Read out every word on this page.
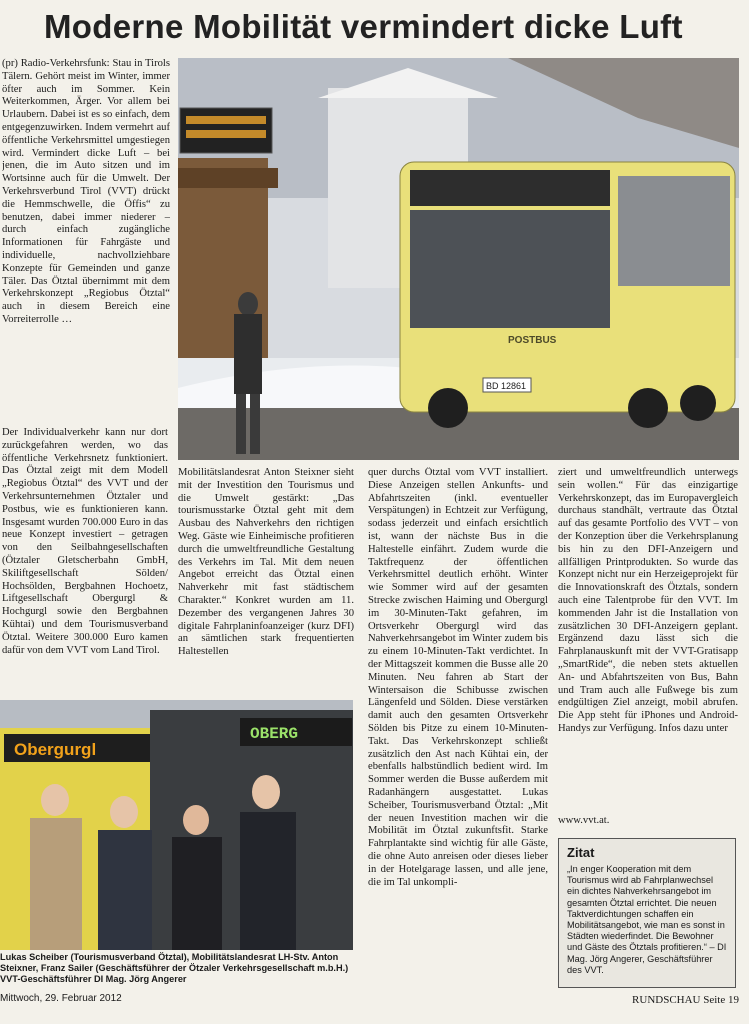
Moderne Mobilität vermindert dicke Luft

(pr) Radio-Verkehrsfunk: Stau in Tirols Tälern. Gehört meist im Winter, immer öfter auch im Sommer. Kein Weiterkommen, Ärger. Vor allem bei Urlaubern. Dabei ist es so einfach, dem entgegenzuwirken. Indem vermehrt auf öffentliche Verkehrsmittel umgestiegen wird. Vermindert dicke Luft – bei jenen, die im Auto sitzen und im Wortsinne auch für die Umwelt. Der Verkehrsverbund Tirol (VVT) drückt die Hemmschwelle, die Öffis“ zu benutzen, dabei immer niederer – durch einfach zugängliche Informationen für Fahrgäste und individuelle, nachvollziehbare Konzepte für Gemeinden und ganze Täler. Das Ötztal übernimmt mit dem Verkehrskonzept „Regiobus Ötztal“ auch in diesem Bereich eine Vorreiterrolle …

POSTBUS
BD 12861

Der Individualverkehr kann nur dort zurückgefahren werden, wo das öffentliche Verkehrsnetz funktioniert. Das Ötztal zeigt mit dem Modell „Regiobus Ötztal“ des VVT und der Verkehrsunternehmen Ötztaler und Postbus, wie es funktionieren kann. Insgesamt wurden 700.000 Euro in das neue Konzept investiert – getragen von den Seilbahngesellschaften (Ötztaler Gletscherbahn GmbH, Skiliftgesellschaft Sölden/ Hochsölden, Bergbahnen Hochoetz, Liftgesellschaft Obergurgl & Hochgurgl sowie den Bergbahnen Kühtai) und dem Tourismusverband Ötztal. Weitere 300.000 Euro kamen dafür von dem VVT vom Land Tirol.

Mobilitätslandesrat Anton Steixner sieht mit der Investition den Tourismus und die Umwelt gestärkt: „Das tourismusstarke Ötztal geht mit dem Ausbau des Nahverkehrs den richtigen Weg. Gäste wie Einheimische profitieren durch die umweltfreundliche Gestaltung des Verkehrs im Tal. Mit dem neuen Angebot erreicht das Ötztal einen Nahverkehr mit fast städtischem Charakter.“ Konkret wurden am 11. Dezember des vergangenen Jahres 30 digitale Fahrplaninfoanzeiger (kurz DFI) an sämtlichen stark frequentierten Haltestellen

quer durchs Ötztal vom VVT installiert. Diese Anzeigen stellen Ankunfts- und Abfahrtszeiten (inkl. eventueller Verspätungen) in Echtzeit zur Verfügung, sodass jederzeit und einfach ersichtlich ist, wann der nächste Bus in die Haltestelle einfährt. Zudem wurde die Taktfrequenz der öffentlichen Verkehrsmittel deutlich erhöht. Winter wie Sommer wird auf der gesamten Strecke zwischen Haiming und Obergurgl im 30-Minuten-Takt gefahren, im Ortsverkehr Obergurgl wird das Nahverkehrsangebot im Winter zudem bis zu einem 10-Minuten-Takt verdichtet. In der Mittagszeit kommen die Busse alle 20 Minuten. Neu fahren ab Start der Wintersaison die Schibusse zwischen Längenfeld und Sölden. Diese verstärken damit auch den gesamten Ortsverkehr Sölden bis Pitze zu einem 10-Minuten-Takt. Das Verkehrskonzept schließt zusätzlich den Ast nach Kühtai ein, der ebenfalls halbstündlich bedient wird. Im Sommer werden die Busse außerdem mit Radanhängern ausgestattet. Lukas Scheiber, Tourismusverband Ötztal: „Mit der neuen Investition machen wir die Mobilität im Ötztal zukunftsfit. Starke Fahrplantakte sind wichtig für alle Gäste, die ohne Auto anreisen oder dieses lieber in der Hotelgarage lassen, und alle jene, die im Tal unkompli-

ziert und umweltfreundlich unterwegs sein wollen.“ Für das einzigartige Verkehrskonzept, das im Europavergleich durchaus standhält, vertraute das Ötztal auf das gesamte Portfolio des VVT – von der Konzeption über die Verkehrsplanung bis hin zu den DFI-Anzeigern und allfälligen Printprodukten. So wurde das Konzept nicht nur ein Herzeigeprojekt für die Innovationskraft des Ötztals, sondern auch eine Talentprobe für den VVT. Im kommenden Jahr ist die Installation von zusätzlichen 30 DFI-Anzeigern geplant. Ergänzend dazu lässt sich die Fahrplanauskunft mit der VVT-Gratisapp „SmartRide“, die neben stets aktuellen An- und Abfahrtszeiten von Bus, Bahn und Tram auch alle Fußwege bis zum endgültigen Ziel anzeigt, mobil abrufen. Die App steht für iPhones und Android-Handys zur Verfügung. Infos dazu unter

www.vvt.at.
Zitat
„In enger Kooperation mit dem Tourismus wird ab Fahrplanwechsel ein dichtes Nahverkehrsangebot im gesamten Ötztal errichtet. Die neuen Taktverdichtungen schaffen ein Mobilitätsangebot, wie man es sonst in Städten wiederfindet. Die Bewohner und Gäste des Ötztals profitieren.“ – DI Mag. Jörg Angerer, Geschäftsführer des VVT.
Obergurgl
OBERG
Lukas Scheiber (Tourismusverband Ötztal), Mobilitätslandesrat LH-Stv. Anton Steixner, Franz Sailer (Geschäftsführer der Ötzaler Verkehrsgesellschaft m.b.H.) VVT-Geschäftsführer DI Mag. Jörg Angerer
Mittwoch, 29. Februar 2012	RUNDSCHAU Seite 19
